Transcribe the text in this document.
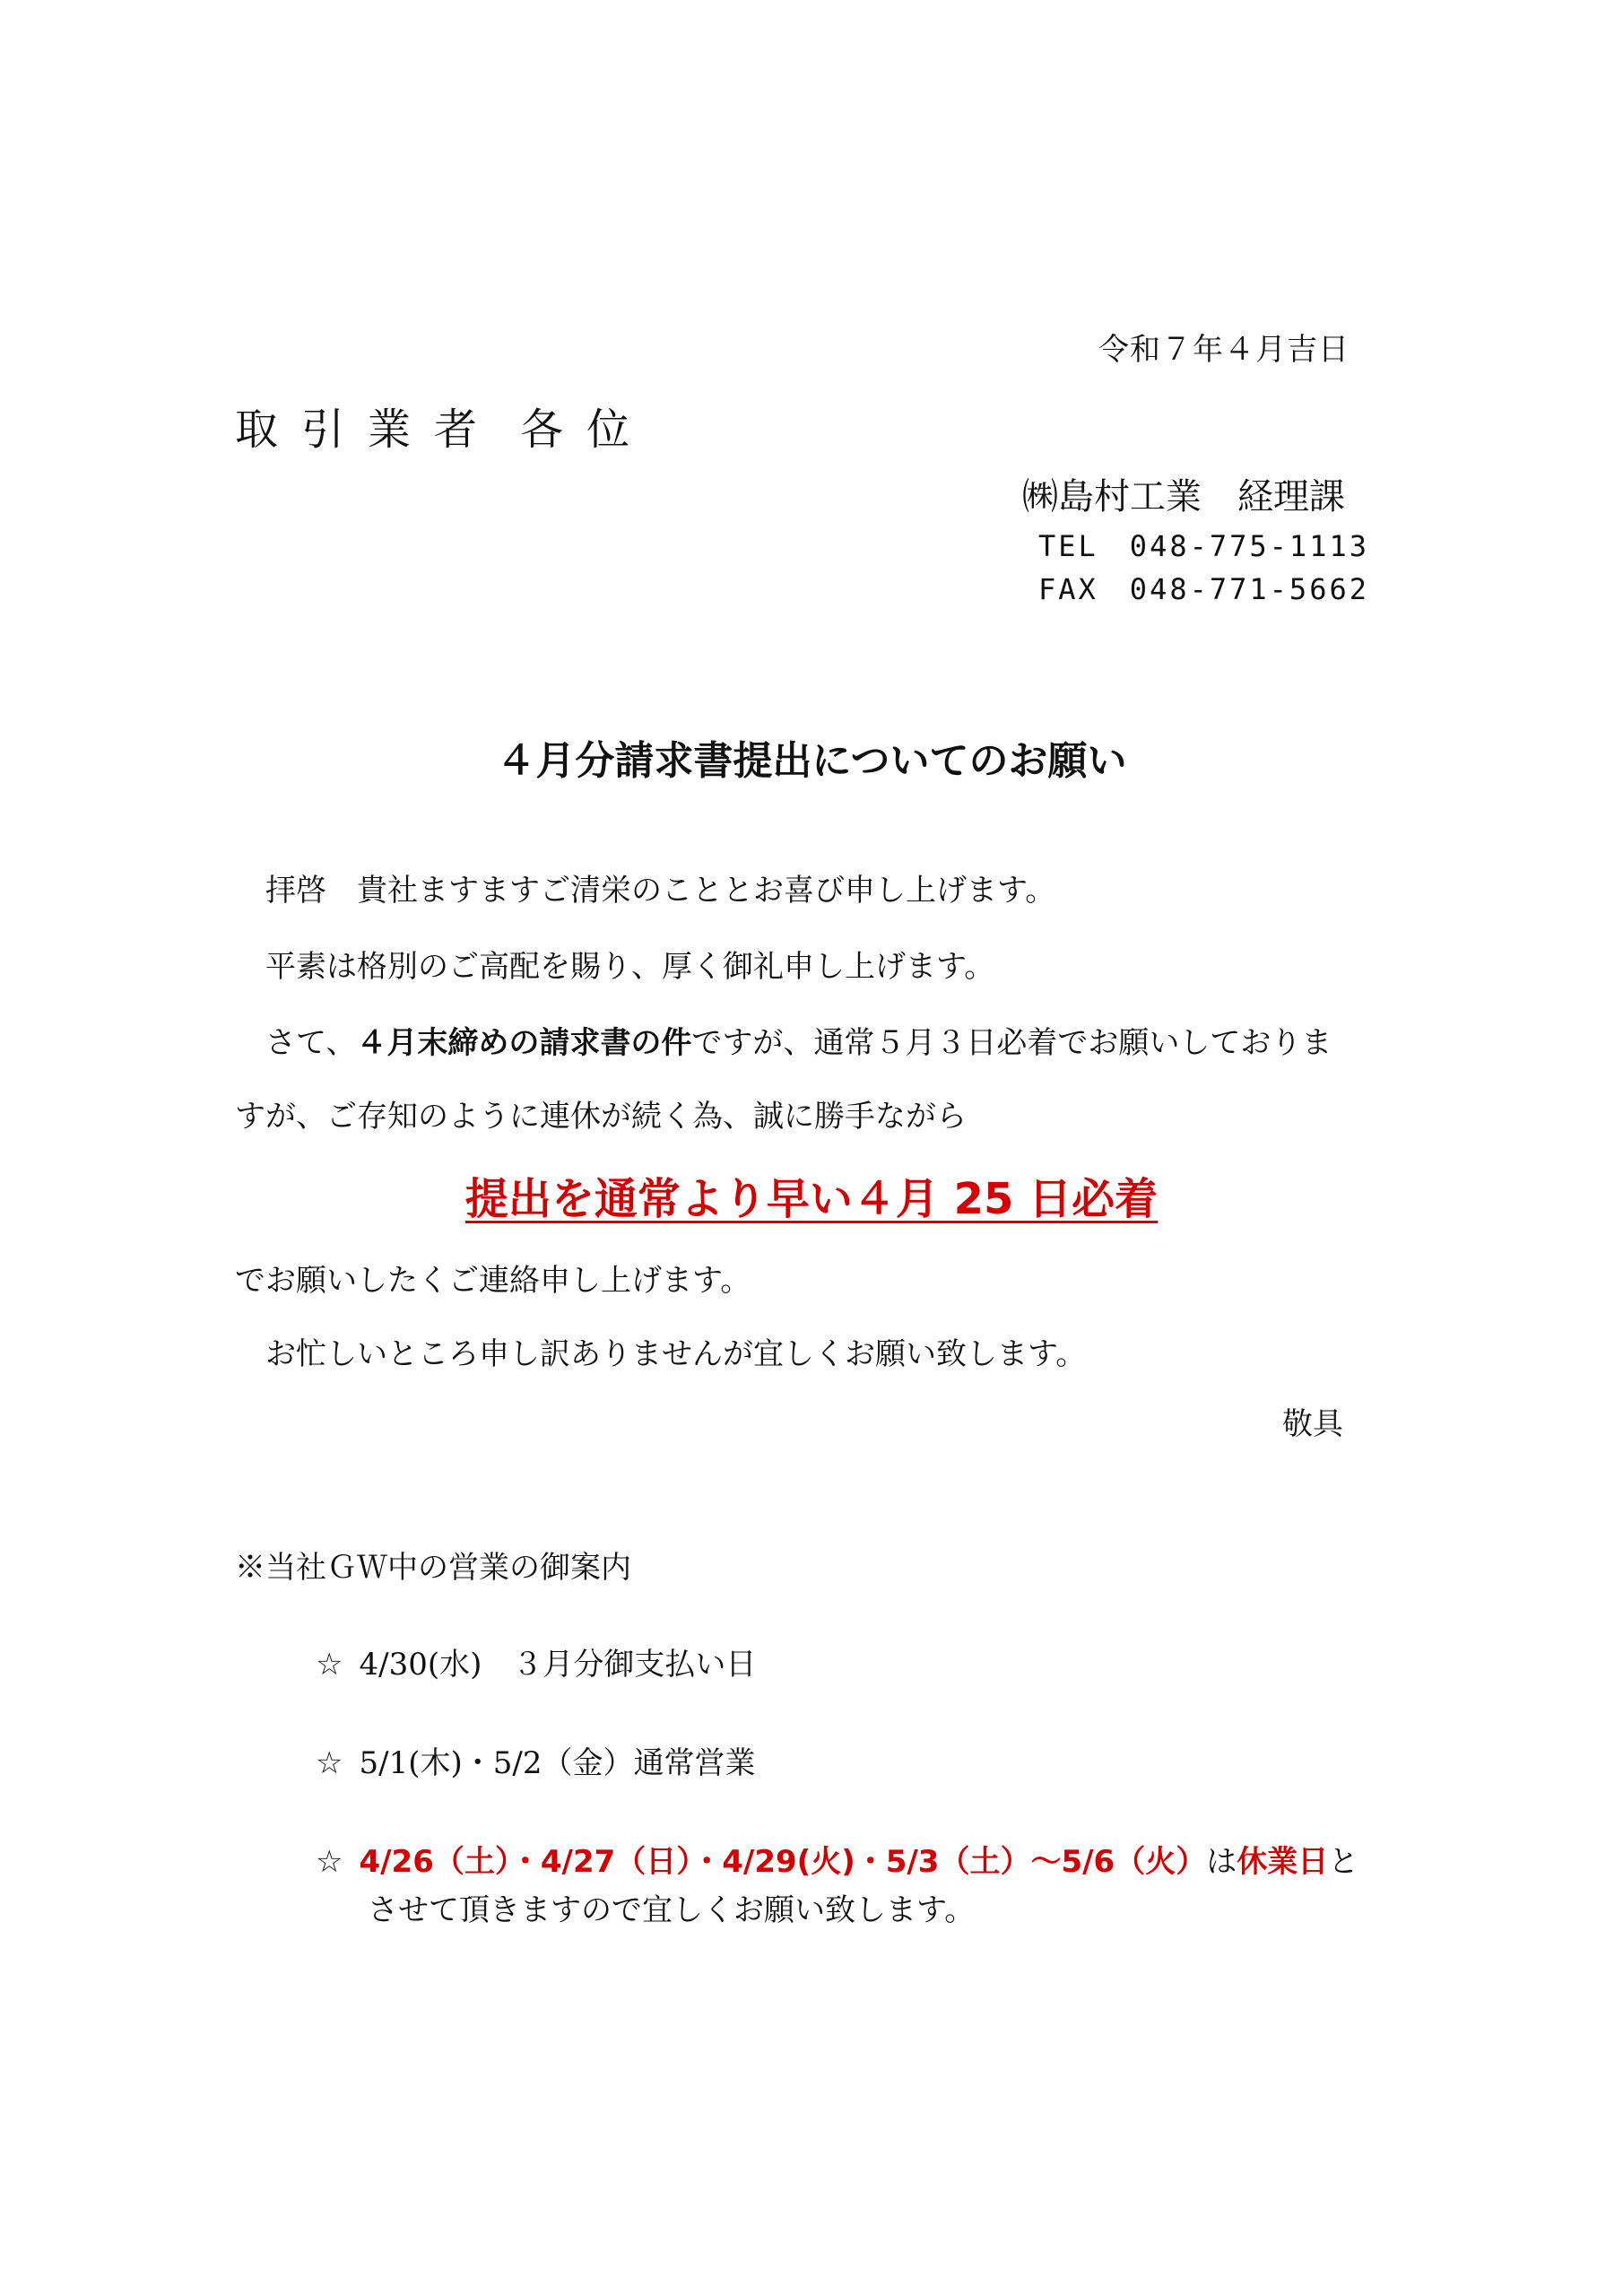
令和７年４月吉日
取 引 業 者 各 位
㈱島村工業　経理課
TEL　048-775-1113
FAX　048-771-5662
４月分請求書提出についてのお願い
拝啓　貴社ますますご清栄のこととお喜び申し上げます。
平素は格別のご高配を賜り、厚く御礼申し上げます。
さて、４月末締めの請求書の件ですが、通常５月３日必着でお願いしておりま
すが、ご存知のように連休が続く為、誠に勝手ながら
提出を通常より早い４月 25 日必着
でお願いしたくご連絡申し上げます。
お忙しいところ申し訳ありませんが宜しくお願い致します。
敬具
※当社ＧＷ中の営業の御案内
☆ 4/30(水)　３月分御支払い日
☆ 5/1(木)・5/2（金）通常営業
☆ 4/26（土）・4/27（日）・4/29(火)・5/3（土）～5/6（火）は休業日と
させて頂きますので宜しくお願い致します。
